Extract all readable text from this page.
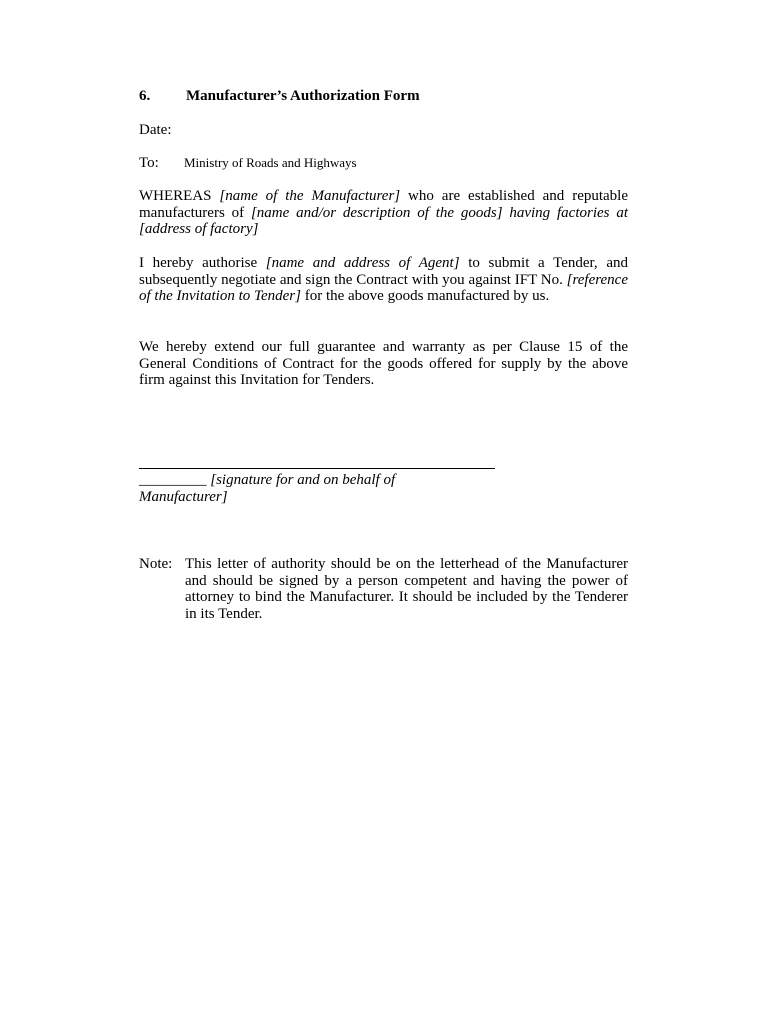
6. Manufacturer’s Authorization Form
Date:
To: Ministry of Roads and Highways

WHEREAS [name of the Manufacturer] who are established and reputable manufacturers of [name and/or description of the goods] having factories at [address of factory]

I hereby authorise [name and address of Agent] to submit a Tender, and subsequently negotiate and sign the Contract with you against IFT No. [reference of the Invitation to Tender] for the above goods manufactured by us.

We hereby extend our full guarantee and warranty as per Clause 15 of the General Conditions of Contract for the goods offered for supply by the above firm against this Invitation for Tenders.

_________ [signature for and on behalf of Manufacturer]

Note: This letter of authority should be on the letterhead of the Manufacturer and should be signed by a person competent and having the power of attorney to bind the Manufacturer. It should be included by the Tenderer in its Tender.
